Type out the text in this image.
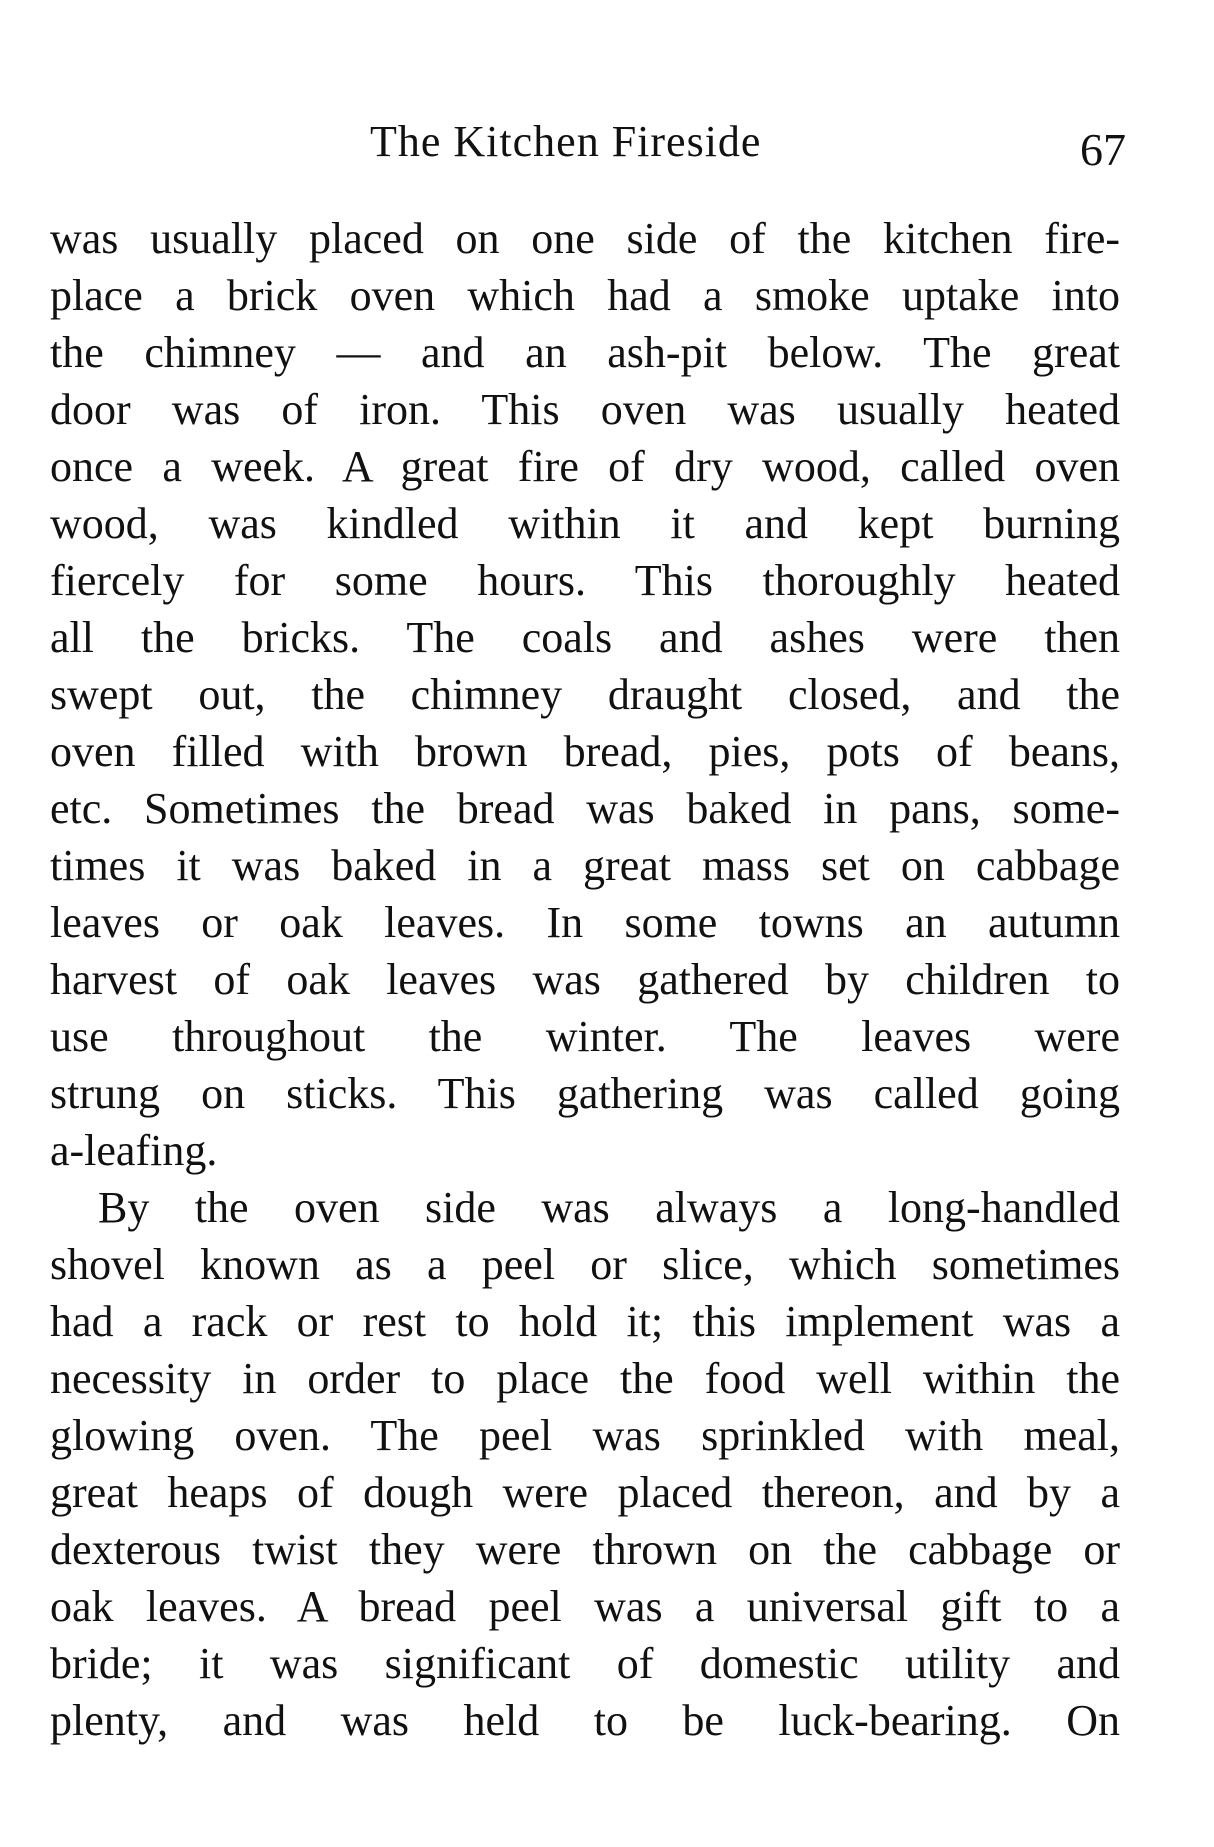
The Kitchen Fireside	67
was usually placed on one side of the kitchen fire-
place a brick oven which had a smoke uptake into
the chimney — and an ash-pit below. The great
door was of iron. This oven was usually heated
once a week. A great fire of dry wood, called oven
wood, was kindled within it and kept burning
fiercely for some hours. This thoroughly heated
all the bricks. The coals and ashes were then
swept out, the chimney draught closed, and the
oven filled with brown bread, pies, pots of beans,
etc. Sometimes the bread was baked in pans, some-
times it was baked in a great mass set on cabbage
leaves or oak leaves. In some towns an autumn
harvest of oak leaves was gathered by children to
use throughout the winter. The leaves were
strung on sticks. This gathering was called going
a-leafing.
By the oven side was always a long-handled
shovel known as a peel or slice, which sometimes
had a rack or rest to hold it; this implement was a
necessity in order to place the food well within the
glowing oven. The peel was sprinkled with meal,
great heaps of dough were placed thereon, and by a
dexterous twist they were thrown on the cabbage or
oak leaves. A bread peel was a universal gift to a
bride; it was significant of domestic utility and
plenty, and was held to be luck-bearing. On
